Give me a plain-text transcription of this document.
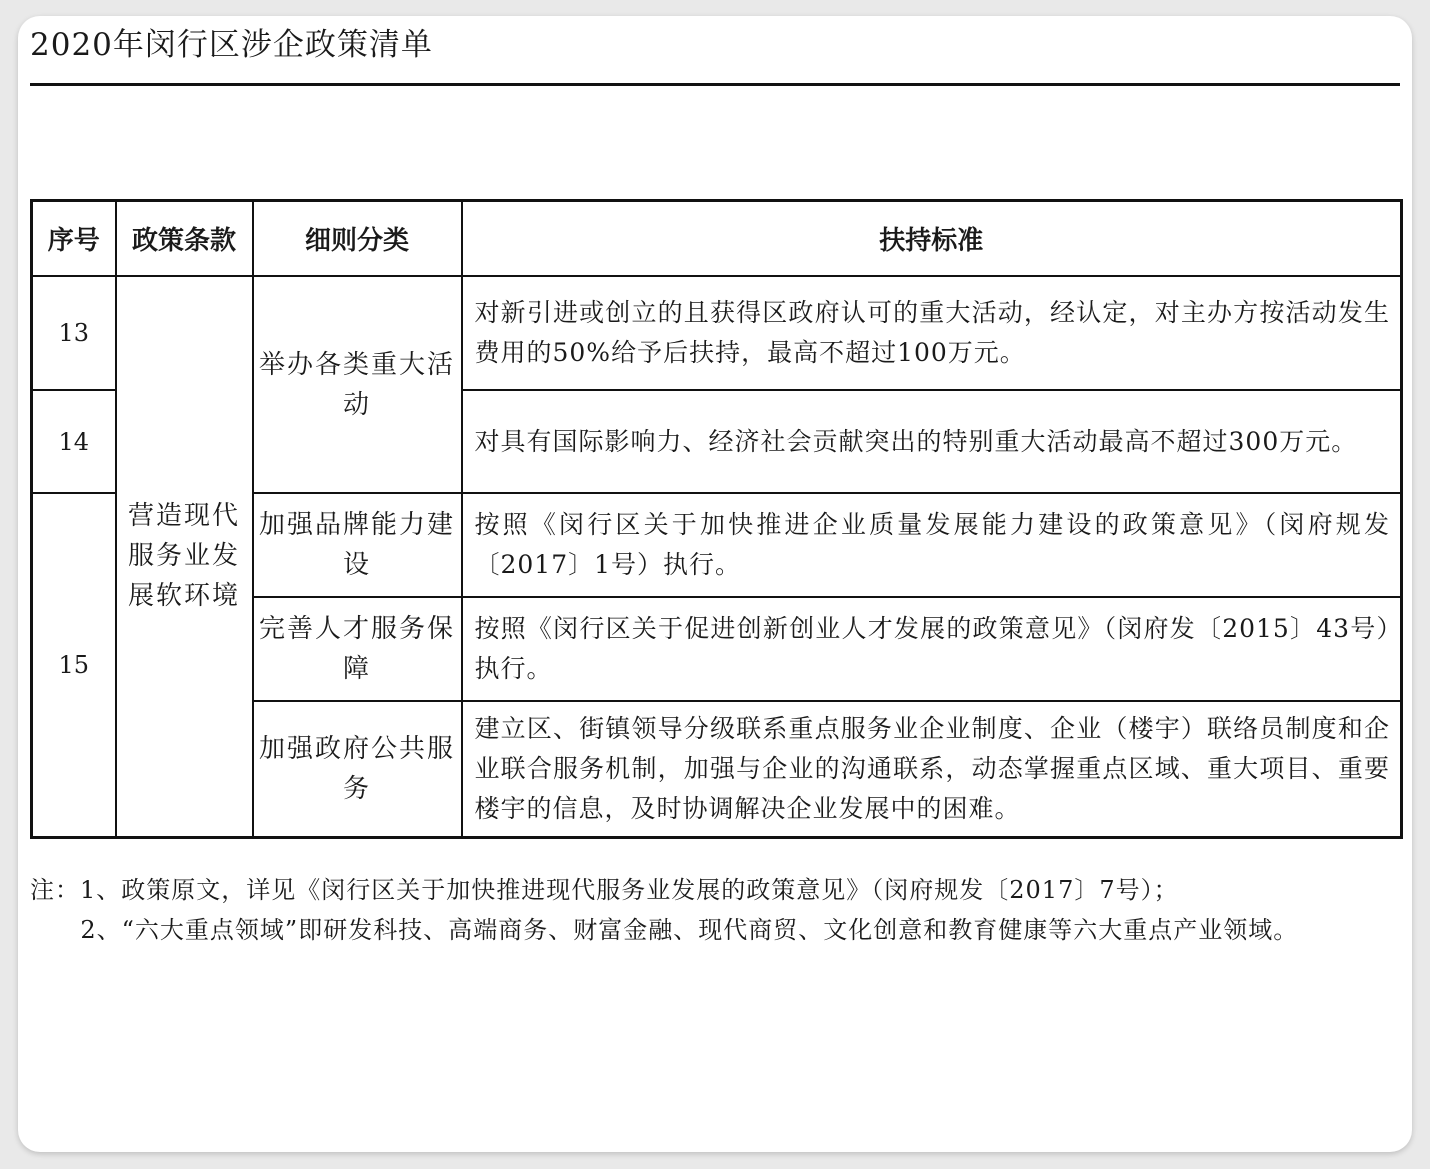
2020年闵行区涉企政策清单
序号	政策条款	细则分类	扶持标准
13	营造现代服务业发展软环境	举办各类重大活动	对新引进或创立的且获得区政府认可的重大活动，经认定，对主办方按活动发生费用的50%给予后扶持，最高不超过100万元。
14			对具有国际影响力、经济社会贡献突出的特别重大活动最高不超过300万元。
15		加强品牌能力建设	按照《闵行区关于加快推进企业质量发展能力建设的政策意见》（闵府规发〔2017〕1号）执行。
		完善人才服务保障	按照《闵行区关于促进创新创业人才发展的政策意见》（闵府发〔2015〕43号）执行。
		加强政府公共服务	建立区、街镇领导分级联系重点服务业企业制度、企业（楼宇）联络员制度和企业联合服务机制，加强与企业的沟通联系，动态掌握重点区域、重大项目、重要楼宇的信息，及时协调解决企业发展中的困难。

注：1、政策原文，详见《闵行区关于加快推进现代服务业发展的政策意见》（闵府规发〔2017〕7号）；

2、“六大重点领域”即研发科技、高端商务、财富金融、现代商贸、文化创意和教育健康等六大重点产业领域。
